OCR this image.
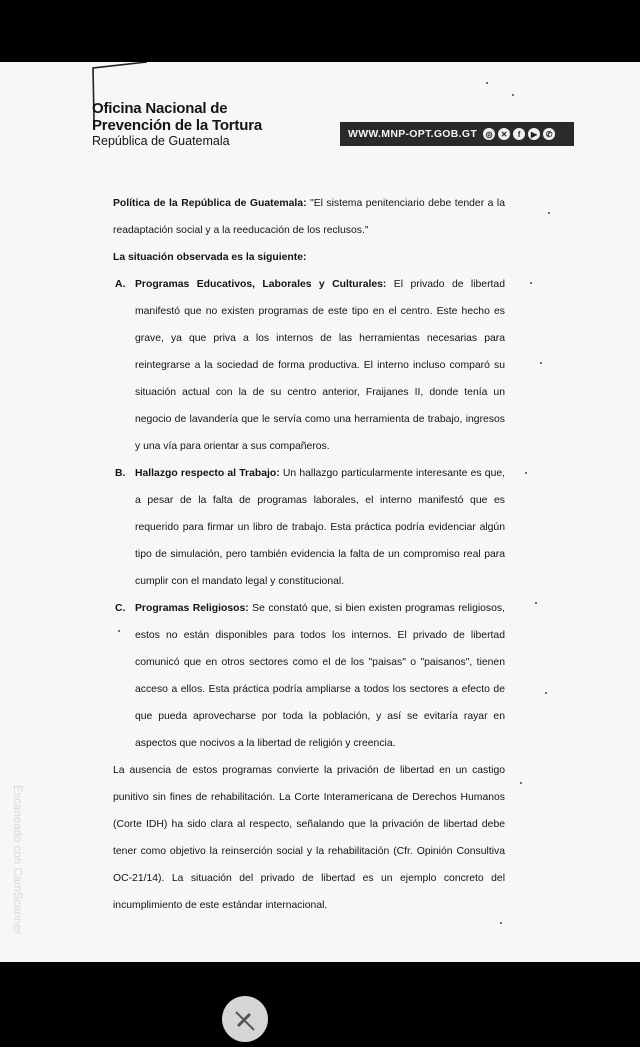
Oficina Nacional de
Prevención de la Tortura
República de Guatemala	WWW.MNP-OPT.GOB.GT	◎	✕	f	▶	✆

Política de la República de Guatemala: "El sistema penitenciario debe tender a la readaptación social y a la reeducación de los reclusos."

La situación observada es la siguiente:

A. Programas Educativos, Laborales y Culturales: El privado de libertad manifestó que no existen programas de este tipo en el centro. Este hecho es grave, ya que priva a los internos de las herramientas necesarias para reintegrarse a la sociedad de forma productiva. El interno incluso comparó su situación actual con la de su centro anterior, Fraijanes II, donde tenía un negocio de lavandería que le servía como una herramienta de trabajo, ingresos y una vía para orientar a sus compañeros.

B. Hallazgo respecto al Trabajo: Un hallazgo particularmente interesante es que, a pesar de la falta de programas laborales, el interno manifestó que es requerido para firmar un libro de trabajo. Esta práctica podría evidenciar algún tipo de simulación, pero también evidencia la falta de un compromiso real para cumplir con el mandato legal y constitucional.

C. Programas Religiosos: Se constató que, si bien existen programas religiosos, estos no están disponibles para todos los internos. El privado de libertad comunicó que en otros sectores como el de los "paisas" o "paisanos", tienen acceso a ellos. Esta práctica podría ampliarse a todos los sectores a efecto de que pueda aprovecharse por toda la población, y así se evitaría rayar en aspectos que nocivos a la libertad de religión y creencia.

La ausencia de estos programas convierte la privación de libertad en un castigo punitivo sin fines de rehabilitación. La Corte Interamericana de Derechos Humanos (Corte IDH) ha sido clara al respecto, señalando que la privación de libertad debe tener como objetivo la reinserción social y la rehabilitación (Cfr. Opinión Consultiva OC-21/14). La situación del privado de libertad es un ejemplo concreto del incumplimiento de este estándar internacional.

Escaneado con CamScanner
